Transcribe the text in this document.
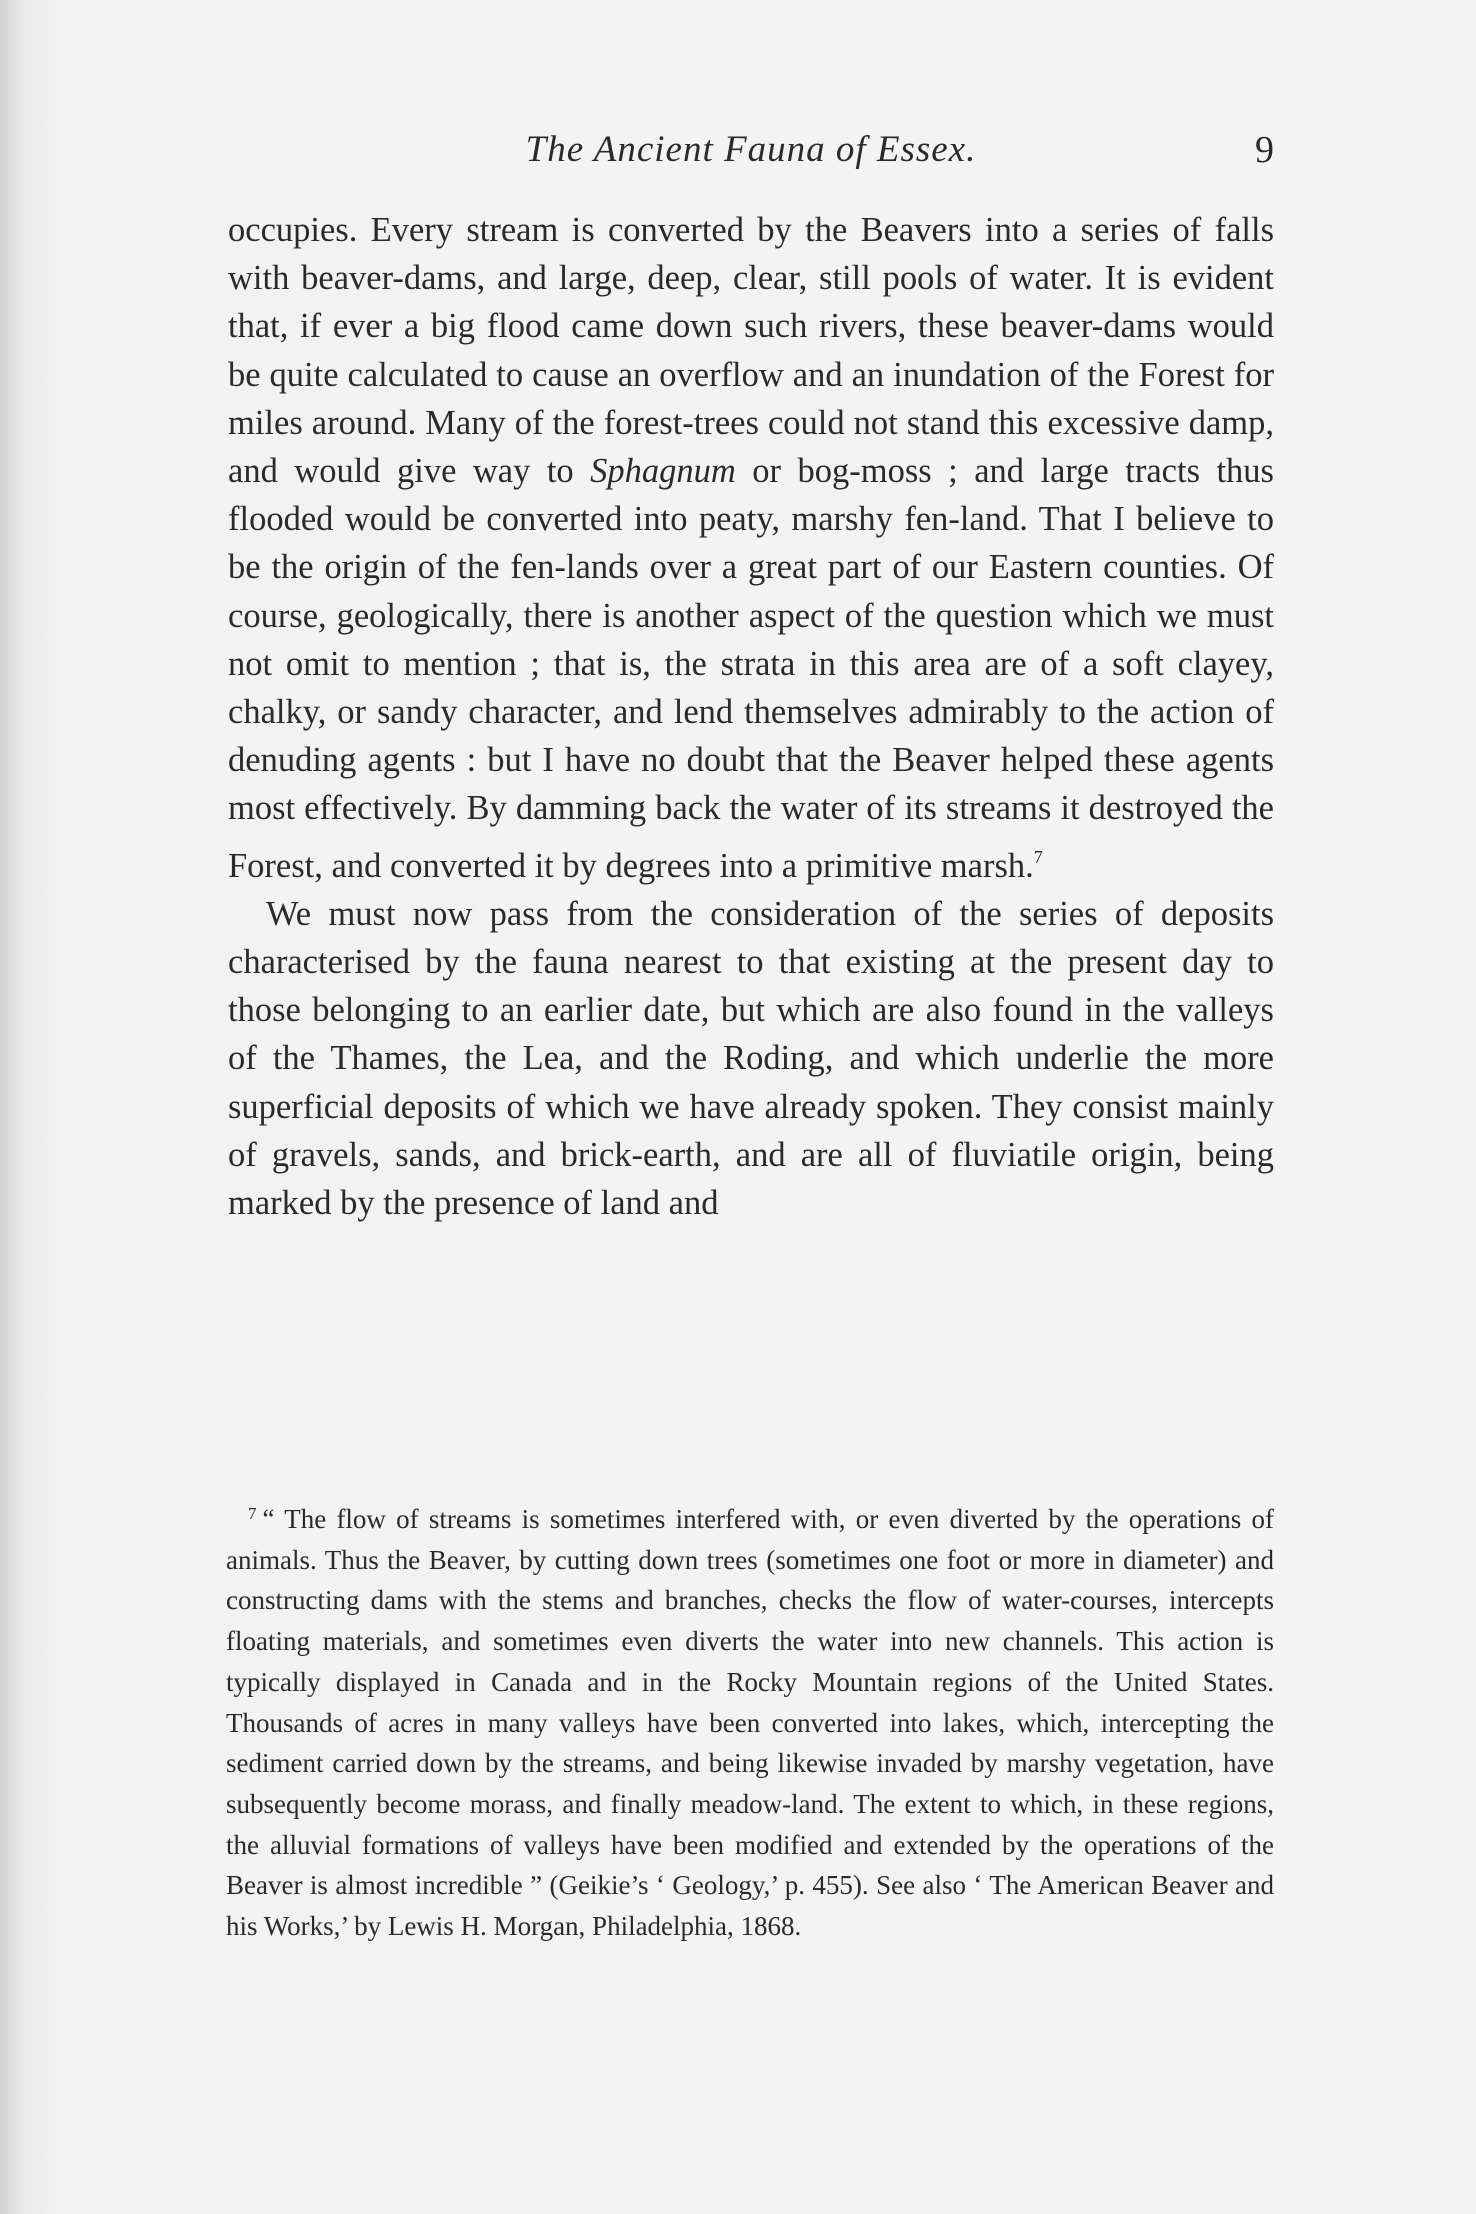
The Ancient Fauna of Essex.	9

occupies. Every stream is converted by the Beavers into a series of falls with beaver-dams, and large, deep, clear, still pools of water. It is evident that, if ever a big flood came down such rivers, these beaver-dams would be quite calculated to cause an overflow and an inundation of the Forest for miles around. Many of the forest-trees could not stand this excessive damp, and would give way to Sphagnum or bog-moss ; and large tracts thus flooded would be converted into peaty, marshy fen-land. That I believe to be the origin of the fen-lands over a great part of our Eastern counties. Of course, geologically, there is another aspect of the question which we must not omit to mention ; that is, the strata in this area are of a soft clayey, chalky, or sandy character, and lend themselves admirably to the action of denuding agents : but I have no doubt that the Beaver helped these agents most effectively. By damming back the water of its streams it destroyed the Forest, and converted it by degrees into a primitive marsh.$^7$

We must now pass from the consideration of the series of deposits characterised by the fauna nearest to that existing at the present day to those belonging to an earlier date, but which are also found in the valleys of the Thames, the Lea, and the Roding, and which underlie the more superficial deposits of which we have already spoken. They consist mainly of gravels, sands, and brick-earth, and are all of fluviatile origin, being marked by the presence of land and

$^7$ “ The flow of streams is sometimes interfered with, or even diverted by the operations of animals. Thus the Beaver, by cutting down trees (sometimes one foot or more in diameter) and constructing dams with the stems and branches, checks the flow of water-courses, intercepts floating materials, and sometimes even diverts the water into new channels. This action is typically displayed in Canada and in the Rocky Mountain regions of the United States. Thousands of acres in many valleys have been converted into lakes, which, intercepting the sediment carried down by the streams, and being likewise invaded by marshy vegetation, have subsequently become morass, and finally meadow-land. The extent to which, in these regions, the alluvial formations of valleys have been modified and extended by the operations of the Beaver is almost incredible ” (Geikie’s ‘ Geology,’ p. 455). See also ‘ The American Beaver and his Works,’ by Lewis H. Morgan, Philadelphia, 1868.
